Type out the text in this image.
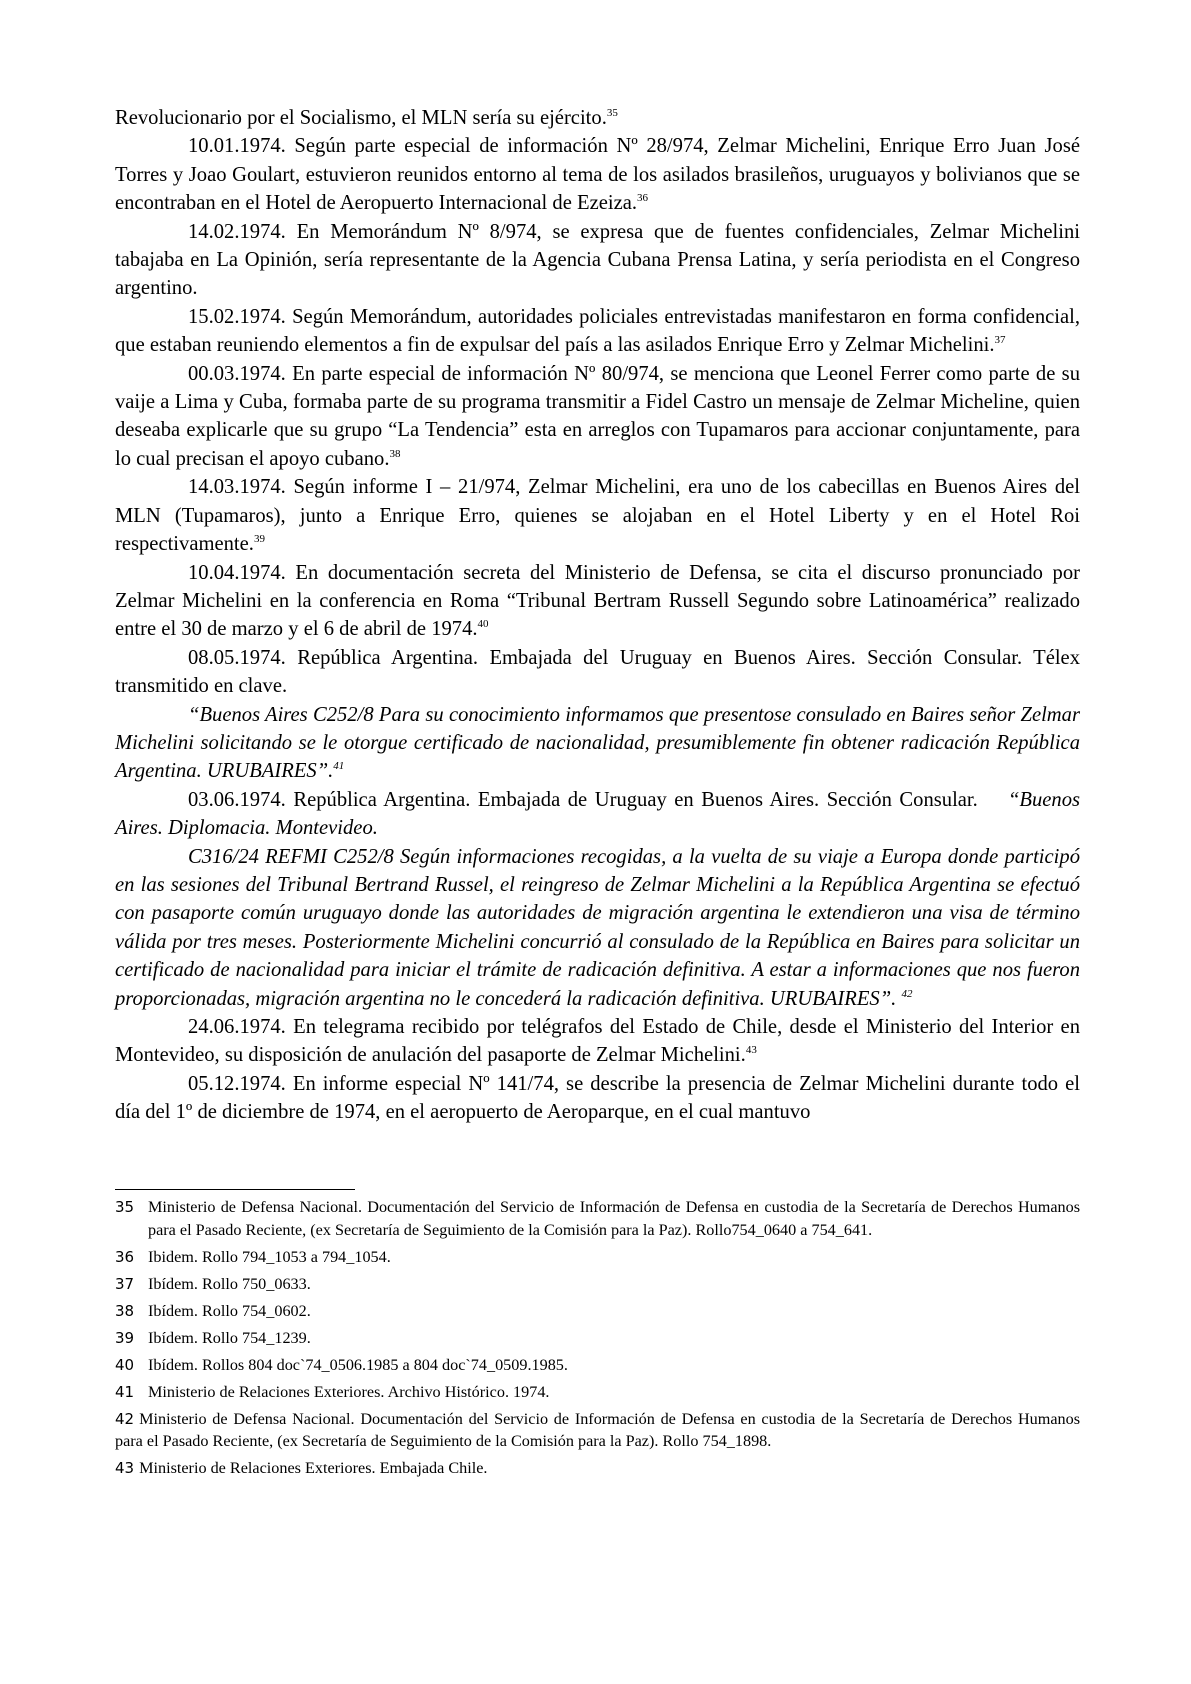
Revolucionario por el Socialismo, el MLN sería su ejército.$^{35}$

10.01.1974. Según parte especial de información Nº 28/974, Zelmar Michelini, Enrique Erro Juan José Torres y Joao Goulart, estuvieron reunidos entorno al tema de los asilados brasileños, uruguayos y bolivianos que se encontraban en el Hotel de Aeropuerto Internacional de Ezeiza.$^{36}$

14.02.1974. En Memorándum Nº 8/974, se expresa que de fuentes confidenciales, Zelmar Michelini tabajaba en La Opinión, sería representante de la Agencia Cubana Prensa Latina, y sería periodista en el Congreso argentino.

15.02.1974. Según Memorándum, autoridades policiales entrevistadas manifestaron en forma confidencial, que estaban reuniendo elementos a fin de expulsar del país a las asilados Enrique Erro y Zelmar Michelini.$^{37}$

00.03.1974. En parte especial de información Nº 80/974, se menciona que Leonel Ferrer como parte de su vaije a Lima y Cuba, formaba parte de su programa transmitir a Fidel Castro un mensaje de Zelmar Micheline, quien deseaba explicarle que su grupo “La Tendencia” esta en arreglos con Tupamaros para accionar conjuntamente, para lo cual precisan el apoyo cubano.$^{38}$

14.03.1974. Según informe I – 21/974, Zelmar Michelini, era uno de los cabecillas en Buenos Aires del MLN (Tupamaros), junto a Enrique Erro, quienes se alojaban en el Hotel Liberty y en el Hotel Roi respectivamente.$^{39}$

10.04.1974. En documentación secreta del Ministerio de Defensa, se cita el discurso pronunciado por Zelmar Michelini en la conferencia en Roma “Tribunal Bertram Russell Segundo sobre Latinoamérica” realizado entre el 30 de marzo y el 6 de abril de 1974.40

08.05.1974. República Argentina. Embajada del Uruguay en Buenos Aires. Sección Consular. Télex transmitido en clave.

“Buenos Aires C252/8 Para su conocimiento informamos que presentose consulado en Baires señor Zelmar Michelini solicitando se le otorgue certificado de nacionalidad, presumiblemente fin obtener radicación República Argentina. URUBAIRES”.$^{41}$

03.06.1974. República Argentina. Embajada de Uruguay en Buenos Aires. Sección Consular. “Buenos Aires. Diplomacia. Montevideo.

C316/24 REFMI C252/8 Según informaciones recogidas, a la vuelta de su viaje a Europa donde participó en las sesiones del Tribunal Bertrand Russel, el reingreso de Zelmar Michelini a la República Argentina se efectuó con pasaporte común uruguayo donde las autoridades de migración argentina le extendieron una visa de término válida por tres meses. Posteriormente Michelini concurrió al consulado de la República en Baires para solicitar un certificado de nacionalidad para iniciar el trámite de radicación definitiva. A estar a informaciones que nos fueron proporcionadas, migración argentina no le concederá la radicación definitiva. URUBAIRES”. $^{42}$

24.06.1974. En telegrama recibido por telégrafos del Estado de Chile, desde el Ministerio del Interior en Montevideo, su disposición de anulación del pasaporte de Zelmar Michelini.$^{43}$

05.12.1974. En informe especial Nº 141/74, se describe la presencia de Zelmar Michelini durante todo el día del 1º de diciembre de 1974, en el aeropuerto de Aeroparque, en el cual mantuvo

35 Ministerio de Defensa Nacional. Documentación del Servicio de Información de Defensa en custodia de la Secretaría de Derechos Humanos para el Pasado Reciente, (ex Secretaría de Seguimiento de la Comisión para la Paz). Rollo754_0640 a 754_641.

36 Ibidem. Rollo 794_1053 a 794_1054.

37 Ibídem. Rollo 750_0633.

38 Ibídem. Rollo 754_0602.

39 Ibídem. Rollo 754_1239.

40 Ibídem. Rollos 804 doc`74_0506.1985 a 804 doc`74_0509.1985.

41 Ministerio de Relaciones Exteriores. Archivo Histórico. 1974.

42 Ministerio de Defensa Nacional. Documentación del Servicio de Información de Defensa en custodia de la Secretaría de Derechos Humanos para el Pasado Reciente, (ex Secretaría de Seguimiento de la Comisión para la Paz). Rollo 754_1898.

43 Ministerio de Relaciones Exteriores. Embajada Chile.
